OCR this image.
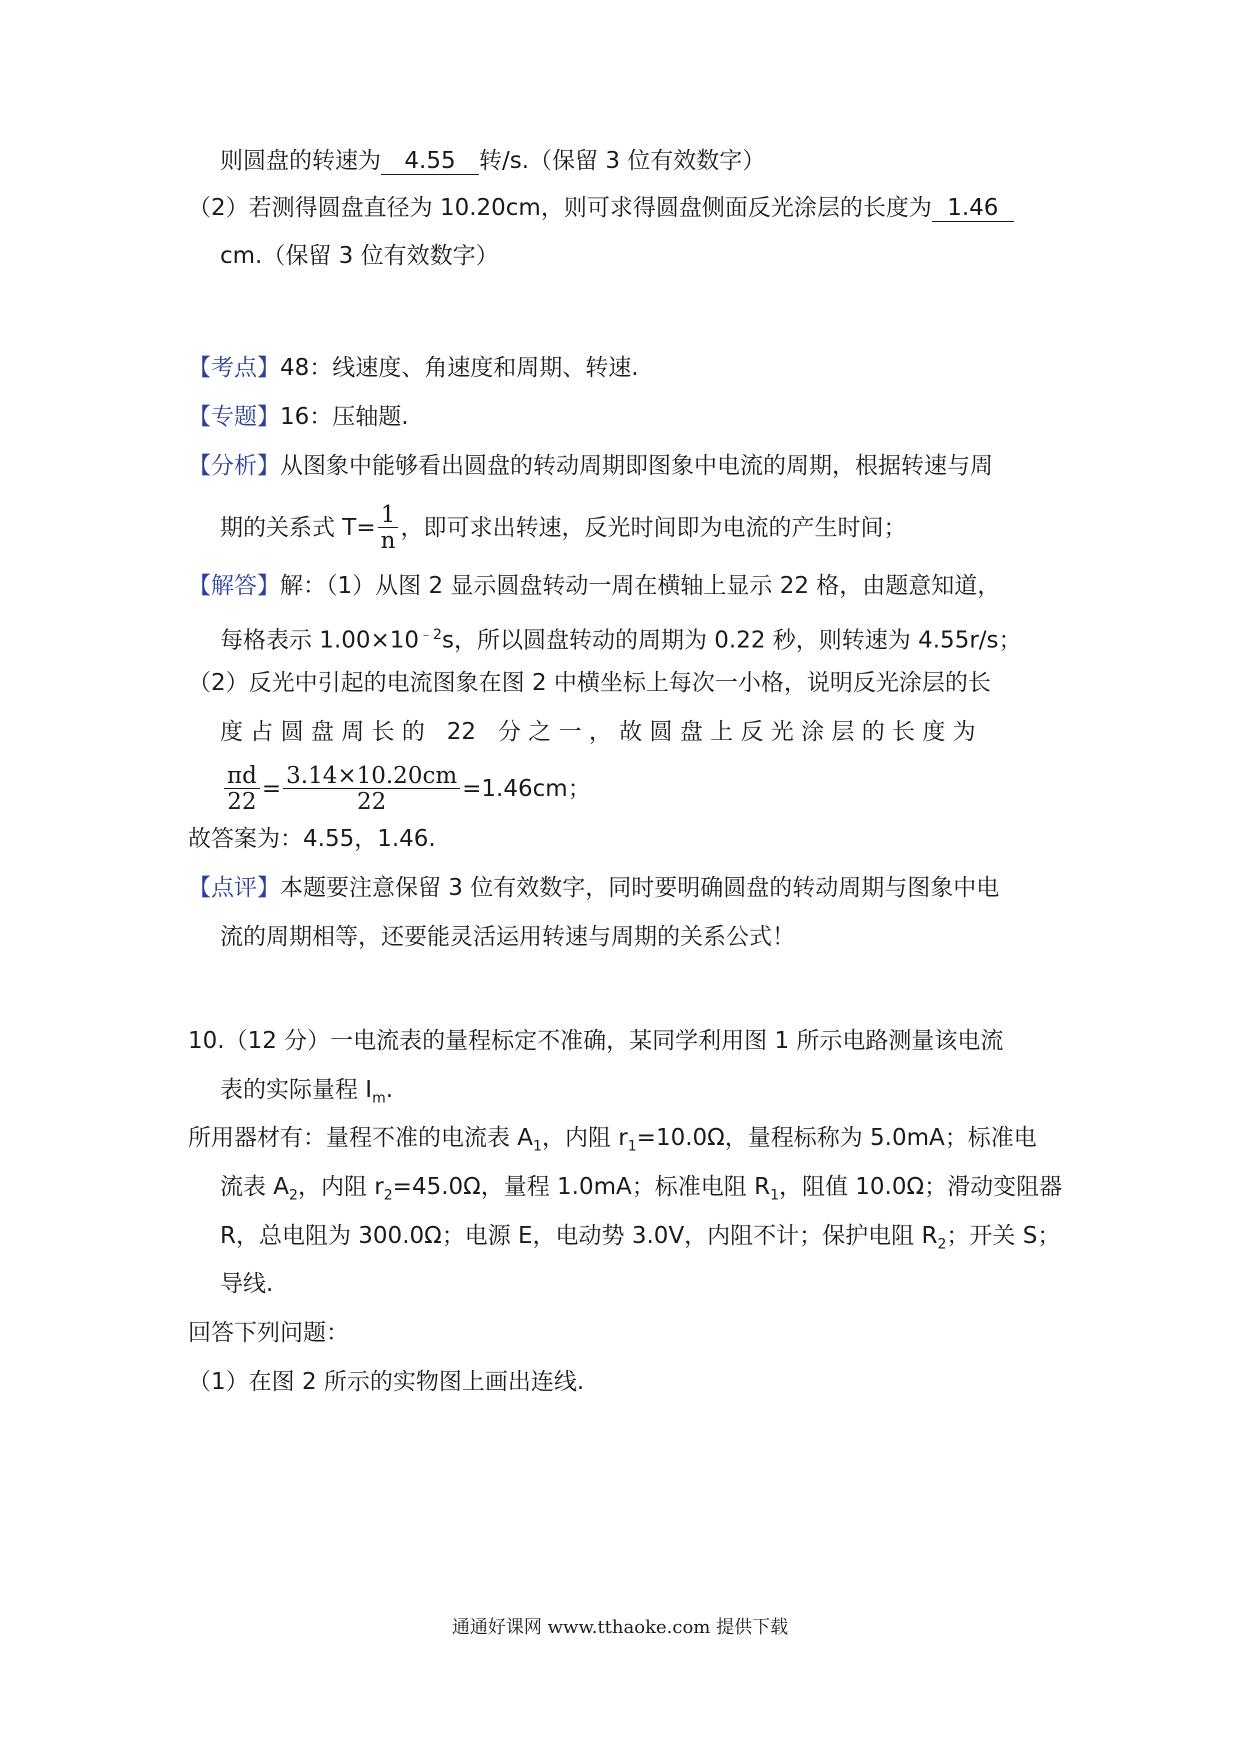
则圆盘的转速为 4.55 转/s.（保留 3 位有效数字）
（2）若测得圆盘直径为 10.20cm，则可求得圆盘侧面反光涂层的长度为 1.46
cm.（保留 3 位有效数字）
【考点】48：线速度、角速度和周期、转速.
【专题】16：压轴题.
【分析】从图象中能够看出圆盘的转动周期即图象中电流的周期，根据转速与周
期的关系式 $T= \frac{1}{n}$ ，即可求出转速，反光时间即为电流的产生时间；
【解答】解：（1）从图 2 显示圆盘转动一周在横轴上显示 22 格，由题意知道，
每格表示 $1.00\times 10^{﹣2}s$，所以圆盘转动的周期为 0.22 秒，则转速为 4.55r/s；
（2）反光中引起的电流图象在图 2 中横坐标上每次一小格，说明反光涂层的长
度 占 圆 盘 周 长 的   22   分 之 一 ， 故 圆 盘 上 反 光 涂 层 的 长 度 为
$\frac{\pi d}{22} = \frac{3.14\times 10.20cm}{22} =1.46cm$；
故答案为：4.55，1.46.
【点评】本题要注意保留 3 位有效数字，同时要明确圆盘的转动周期与图象中电
流的周期相等，还要能灵活运用转速与周期的关系公式！
10.（12 分）一电流表的量程标定不准确，某同学利用图 1 所示电路测量该电流
表的实际量程 $I_m$.
所用器材有：量程不准的电流表 $A_1$，内阻 $r_1=10.0\Omega$，量程标称为 5.0mA；标准电
流表 $A_2$，内阻 $r_2=45.0\Omega$，量程 1.0mA；标准电阻 $R_1$，阻值 10.0Ω；滑动变阻器
R，总电阻为 300.0Ω；电源 E，电动势 3.0V，内阻不计；保护电阻 $R_2$；开关 S；
导线.
回答下列问题：
（1）在图 2 所示的实物图上画出连线.
通通好课网 www.tthaoke.com 提供下载
